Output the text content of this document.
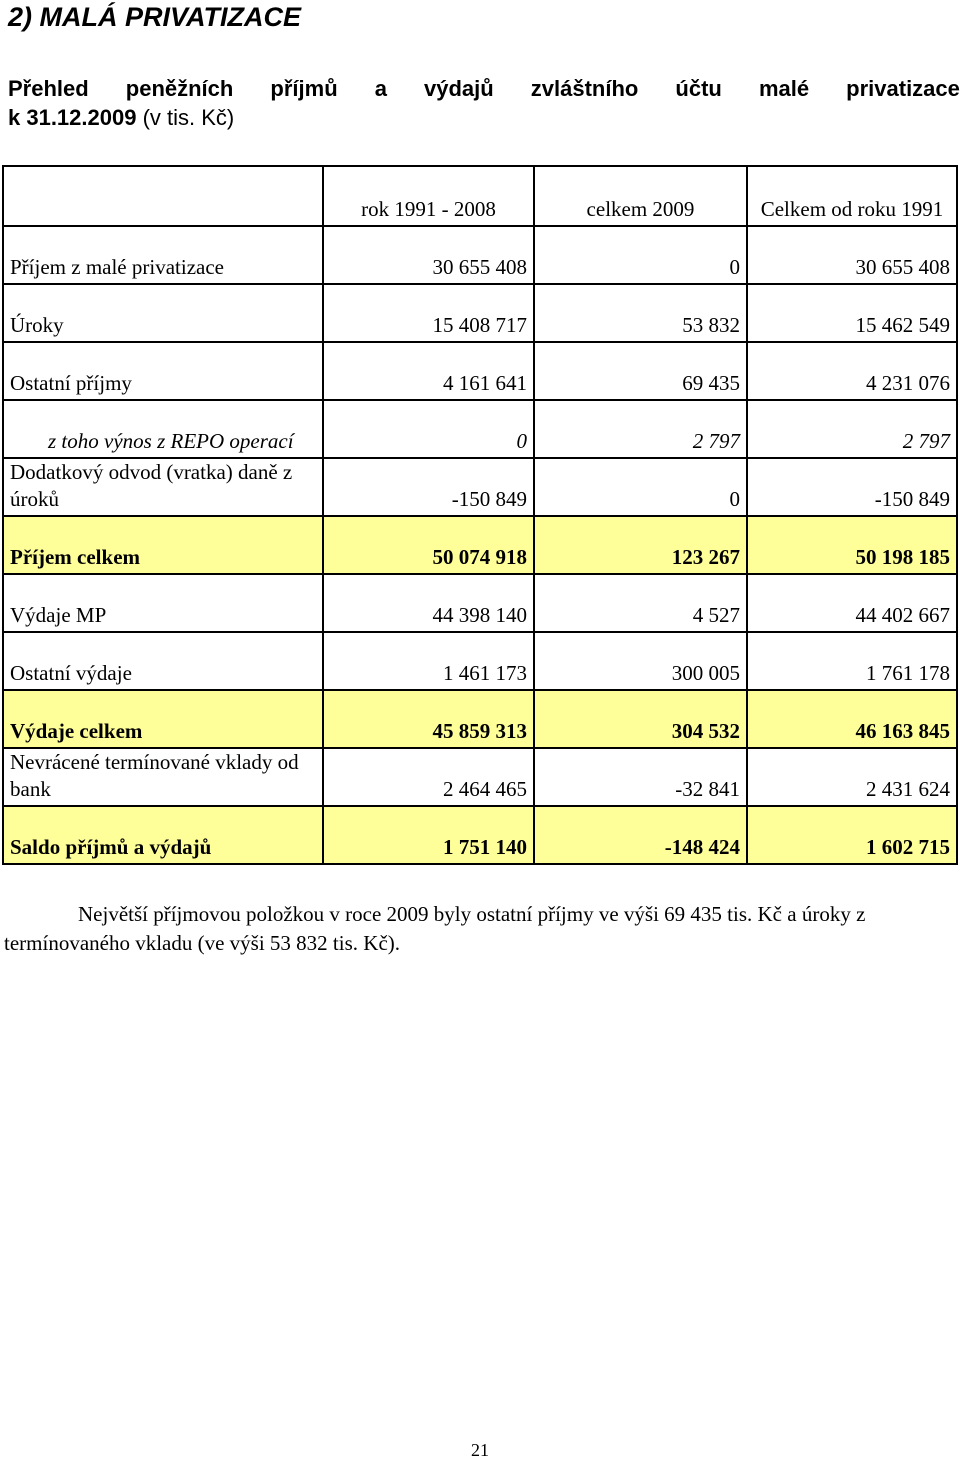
2) MALÁ PRIVATIZACE
Přehled peněžních příjmů a výdajů zvláštního účtu malé privatizace
k 31.12.2009 (v tis. Kč)
	rok 1991 - 2008	celkem 2009	Celkem od roku 1991
Příjem z malé privatizace	30 655 408	0	30 655 408
Úroky	15 408 717	53 832	15 462 549
Ostatní příjmy	4 161 641	69 435	4 231 076
z toho výnos z REPO operací	0	2 797	2 797
Dodatkový odvod (vratka) daně z úroků	-150 849	0	-150 849
Příjem celkem	50 074 918	123 267	50 198 185
Výdaje MP	44 398 140	4 527	44 402 667
Ostatní výdaje	1 461 173	300 005	1 761 178
Výdaje celkem	45 859 313	304 532	46 163 845
Nevrácené termínované vklady od bank	2 464 465	-32 841	2 431 624
Saldo příjmů a výdajů	1 751 140	-148 424	1 602 715

Největší příjmovou položkou v roce 2009 byly ostatní příjmy ve výši 69 435 tis. Kč a úroky z termínovaného vkladu (ve výši 53 832 tis. Kč).

21
